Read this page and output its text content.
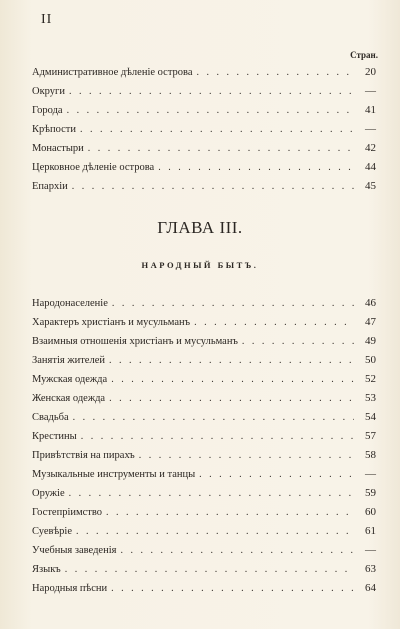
II
Стран.
Административное дѣленіе острова . . .	20
Округи . . .	—
Города . . .	41
Крѣпости . . .	—
Монастыри . . .	42
Церковное дѣленіе острова . . .	44
Епархіи . . .	45
ГЛАВА III.
НАРОДНЫЙ БЫТЪ.
Народонаселеніе . . .	46
Характеръ христіанъ и мусульманъ . . .	47
Взаимныя отношенія христіанъ и мусульманъ . . .	49
Занятія жителей . . .	50
Мужская одежда . . .	52
Женская одежда . . .	53
Свадьба . . .	54
Крестины . . .	57
Привѣтствія на пирахъ . . .	58
Музыкальные инструменты и танцы . . .	—
Оружіе . . .	59
Гостепріимство . . .	60
Суевѣріе . . .	61
Учебныя заведенія . . .	—
Языкъ . . .	63
Народныя пѣсни . . .	64
